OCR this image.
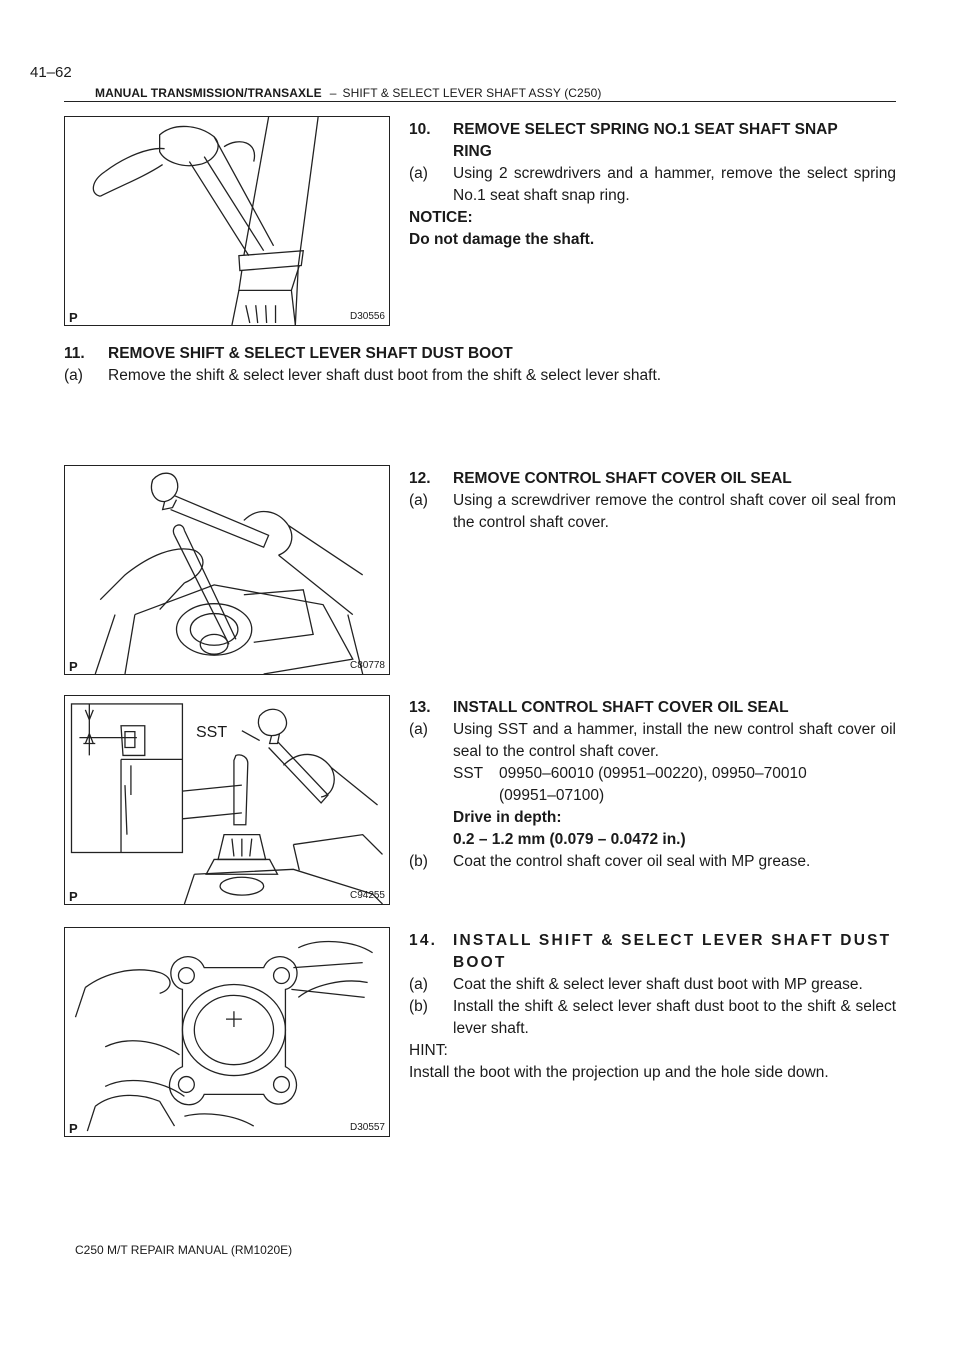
41–62
MANUAL TRANSMISSION/TRANSAXLE – SHIFT & SELECT LEVER SHAFT ASSY (C250)
P	D30556
10.	REMOVE SELECT SPRING NO.1 SEAT SHAFT SNAP

RING

(a)	Using 2 screwdrivers and a hammer, remove the select spring No.1 seat shaft snap ring.

NOTICE:

Do not damage the shaft.

11.	REMOVE SHIFT & SELECT LEVER SHAFT DUST BOOT
(a)	Remove the shift & select lever shaft dust boot from the shift & select lever shaft.
P	C80778
12.	REMOVE CONTROL SHAFT COVER OIL SEAL
(a)	Using a screwdriver remove the control shaft cover oil seal from the control shaft cover.
SST
P	C94255
13.	INSTALL CONTROL SHAFT COVER OIL SEAL
(a)	Using SST and a hammer, install the new control shaft cover oil seal to the control shaft cover.
SST	09950–60010 (09951–00220), 09950–70010

(09951–07100)

Drive in depth:

0.2 – 1.2 mm (0.079 – 0.0472 in.)

(b)	Coat the control shaft cover oil seal with MP grease.
P	D30557
14.	INSTALL SHIFT & SELECT LEVER SHAFT DUST

BOOT

(a)	Coat the shift & select lever shaft dust boot with MP grease.
(b)	Install the shift & select lever shaft dust boot to the shift & select lever shaft.

HINT:

Install the boot with the projection up and the hole side down.

C250 M/T REPAIR MANUAL (RM1020E)
